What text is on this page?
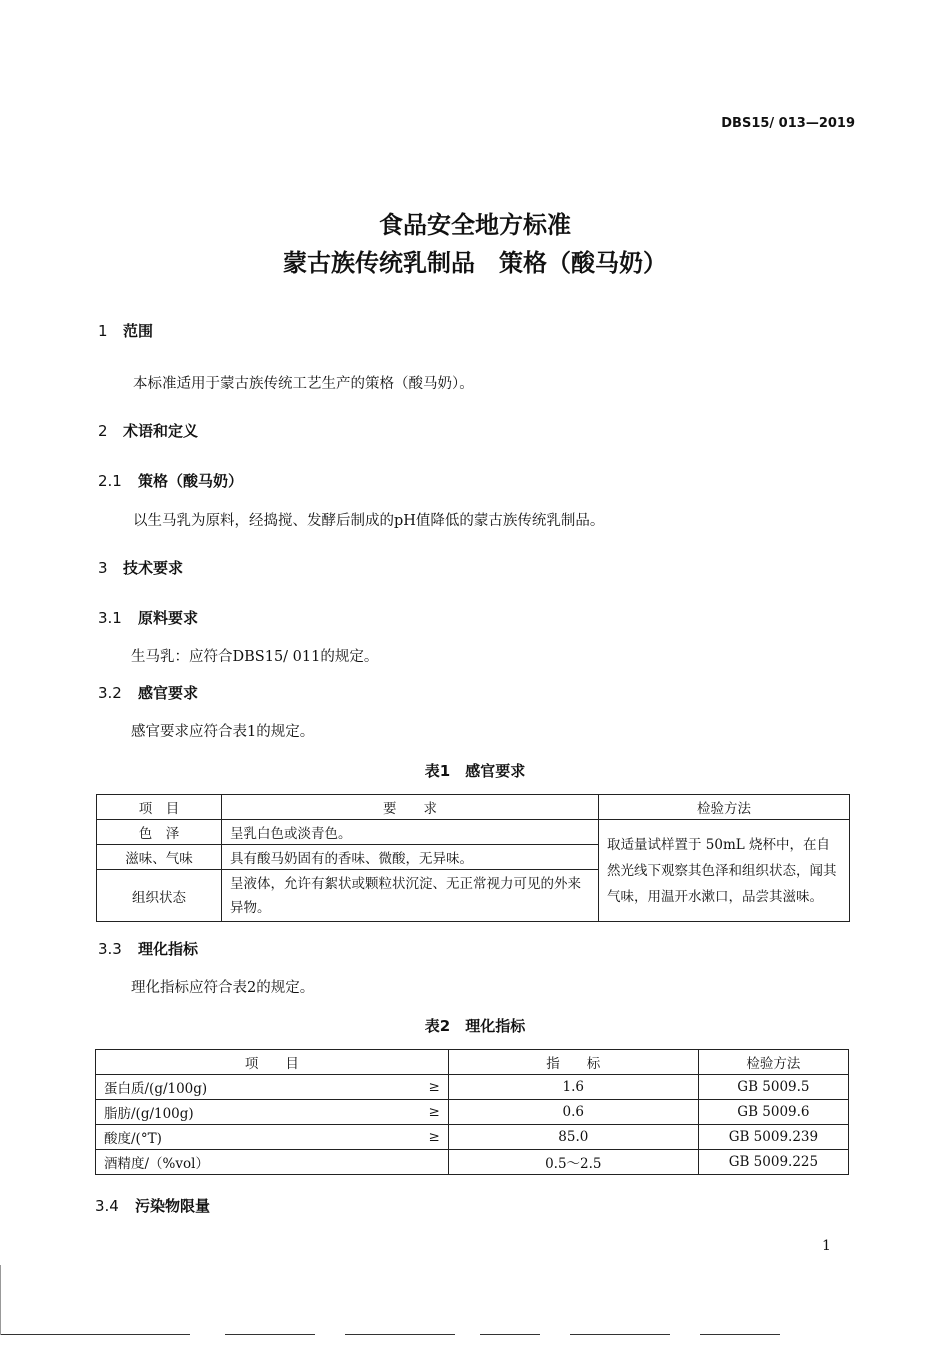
DBS15/ 013—2019
食品安全地方标准
蒙古族传统乳制品　策格（酸马奶）
1 范围
本标准适用于蒙古族传统工艺生产的策格（酸马奶）。
2 术语和定义
2.1 策格（酸马奶）
以生马乳为原料，经捣搅、发酵后制成的pH值降低的蒙古族传统乳制品。
3 技术要求
3.1 原料要求
生马乳：应符合DBS15/ 011的规定。
3.2 感官要求
感官要求应符合表1的规定。
表1　感官要求
项　目	要　　求	检验方法
色　泽	呈乳白色或淡青色。	取适量试样置于 50mL 烧杯中，在自然光线下观察其色泽和组织状态，闻其气味，用温开水漱口，品尝其滋味。
滋味、气味	具有酸马奶固有的香味、微酸，无异味。	
组织状态	呈液体，允许有絮状或颗粒状沉淀、无正常视力可见的外来异物。	
3.3 理化指标
理化指标应符合表2的规定。
表2　理化指标
项　　目		指　　标	检验方法
蛋白质/(g/100g)	≥	1.6	GB 5009.5
脂肪/(g/100g)	≥	0.6	GB 5009.6
酸度/(°T)	≥	85.0	GB 5009.239
酒精度/（%vol）		0.5～2.5	GB 5009.225
3.4 污染物限量
1
